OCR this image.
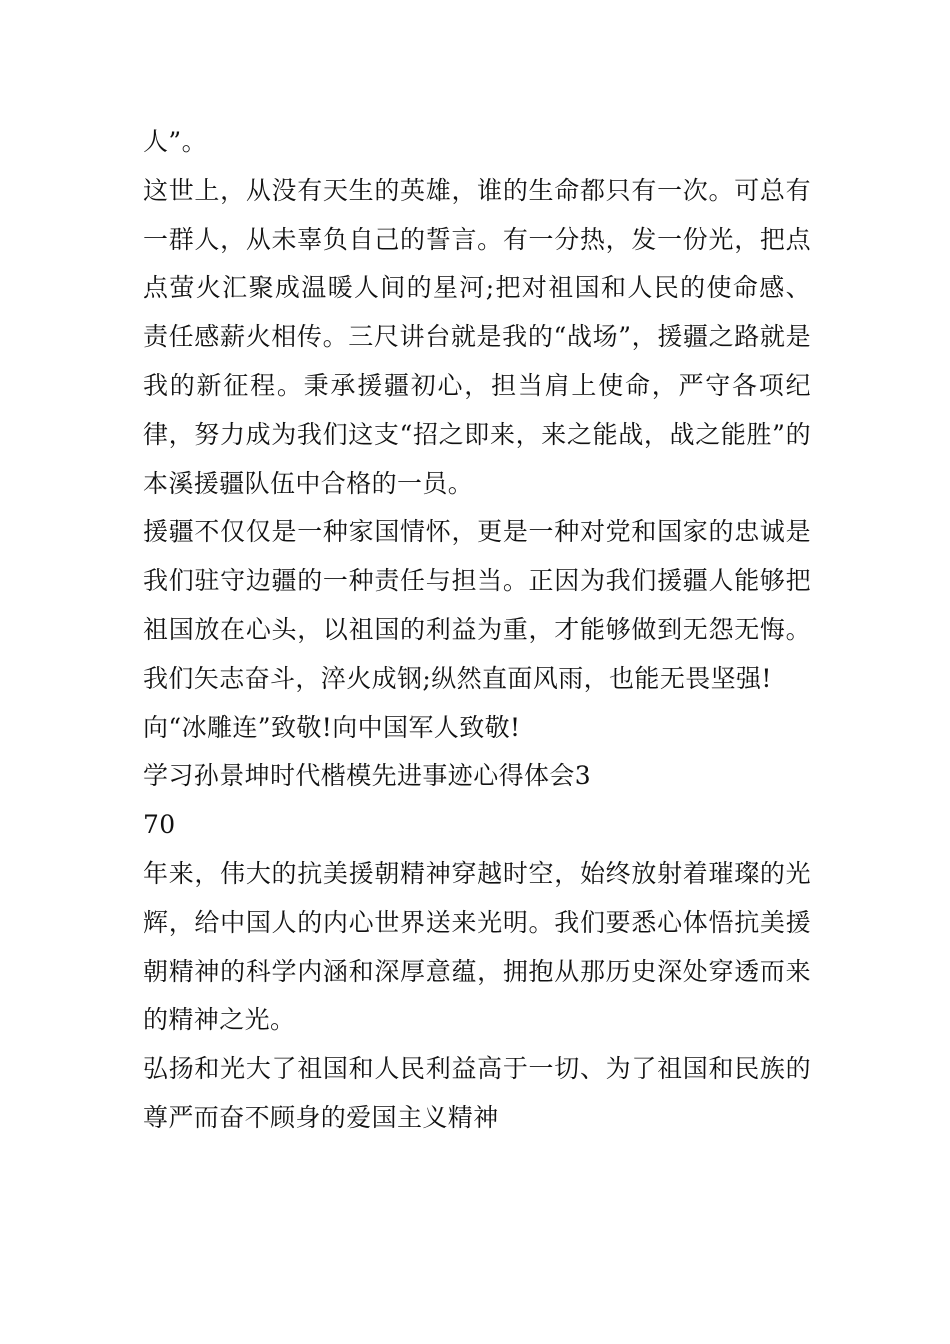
人”。

这世上，从没有天生的英雄，谁的生命都只有一次。可总有一群人，从未辜负自己的誓言。有一分热，发一份光，把点点萤火汇聚成温暖人间的星河;把对祖国和人民的使命感、责任感薪火相传。三尺讲台就是我的“战场”，援疆之路就是我的新征程。秉承援疆初心，担当肩上使命，严守各项纪律，努力成为我们这支“招之即来，来之能战，战之能胜”的本溪援疆队伍中合格的一员。

援疆不仅仅是一种家国情怀，更是一种对党和国家的忠诚是我们驻守边疆的一种责任与担当。正因为我们援疆人能够把祖国放在心头，以祖国的利益为重，才能够做到无怨无悔。我们矢志奋斗，淬火成钢;纵然直面风雨，也能无畏坚强!

向“冰雕连”致敬!向中国军人致敬!

学习孙景坤时代楷模先进事迹心得体会3

70

年来，伟大的抗美援朝精神穿越时空，始终放射着璀璨的光辉，给中国人的内心世界送来光明。我们要悉心体悟抗美援朝精神的科学内涵和深厚意蕴，拥抱从那历史深处穿透而来的精神之光。

弘扬和光大了祖国和人民利益高于一切、为了祖国和民族的尊严而奋不顾身的爱国主义精神
